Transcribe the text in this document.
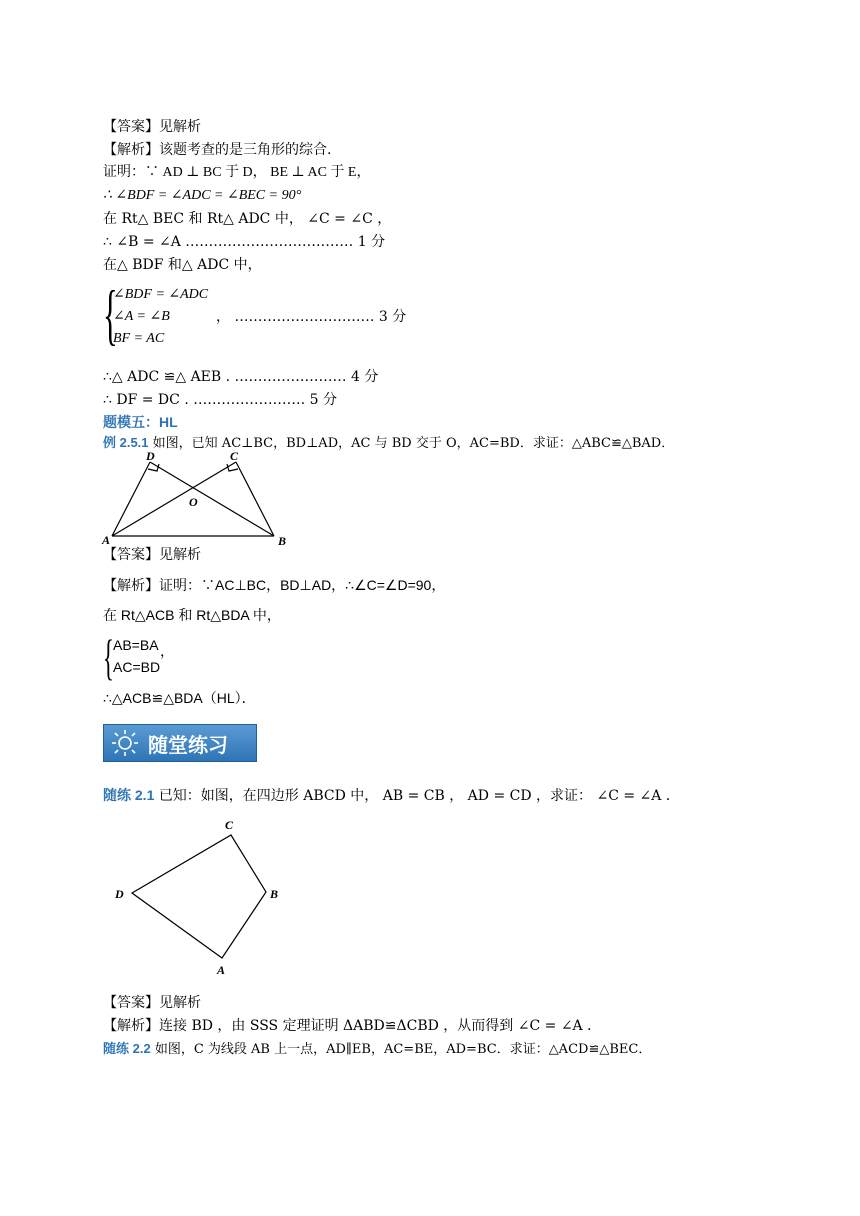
【答案】见解析
【解析】该题考查的是三角形的综合.
证明：∵ AD ⊥ BC 于 D， BE ⊥ AC 于 E，
∴ ∠BDF = ∠ADC = ∠BEC = 90°
在 Rt△ BEC 和 Rt△ ADC 中， ∠C = ∠C ，
∴ ∠B = ∠A ……………………………… 1 分
在△ BDF 和△ ADC 中，
{
∠BDF = ∠ADC
∠A = ∠B
BF = AC
， ………………………… 3 分
∴△ ADC ≌△ AEB . …………………… 4 分
∴ DF = DC . …………………… 5 分
题模五：HL
例 2.5.1 如图，已知 AC⊥BC，BD⊥AD，AC 与 BD 交于 O，AC=BD．求证：△ABC≌△BAD．
D	C
O
A	B
【答案】见解析
【解析】证明：∵AC⊥BC，BD⊥AD，∴∠C=∠D=90，
在 Rt△ACB 和 Rt△BDA 中，
{ AB=BA
AC=BD
，
∴△ACB≌△BDA（HL）．
随堂练习
随练 2.1 已知：如图，在四边形 ABCD 中， AB = CB ， AD = CD ，求证： ∠C = ∠A ．
C
D	B
A
【答案】见解析
【解析】连接 BD ，由 SSS 定理证明 ΔABD≌ΔCBD ，从而得到 ∠C = ∠A ．
随练 2.2 如图，C 为线段 AB 上一点，AD∥EB，AC=BE，AD=BC．求证：△ACD≌△BEC．
